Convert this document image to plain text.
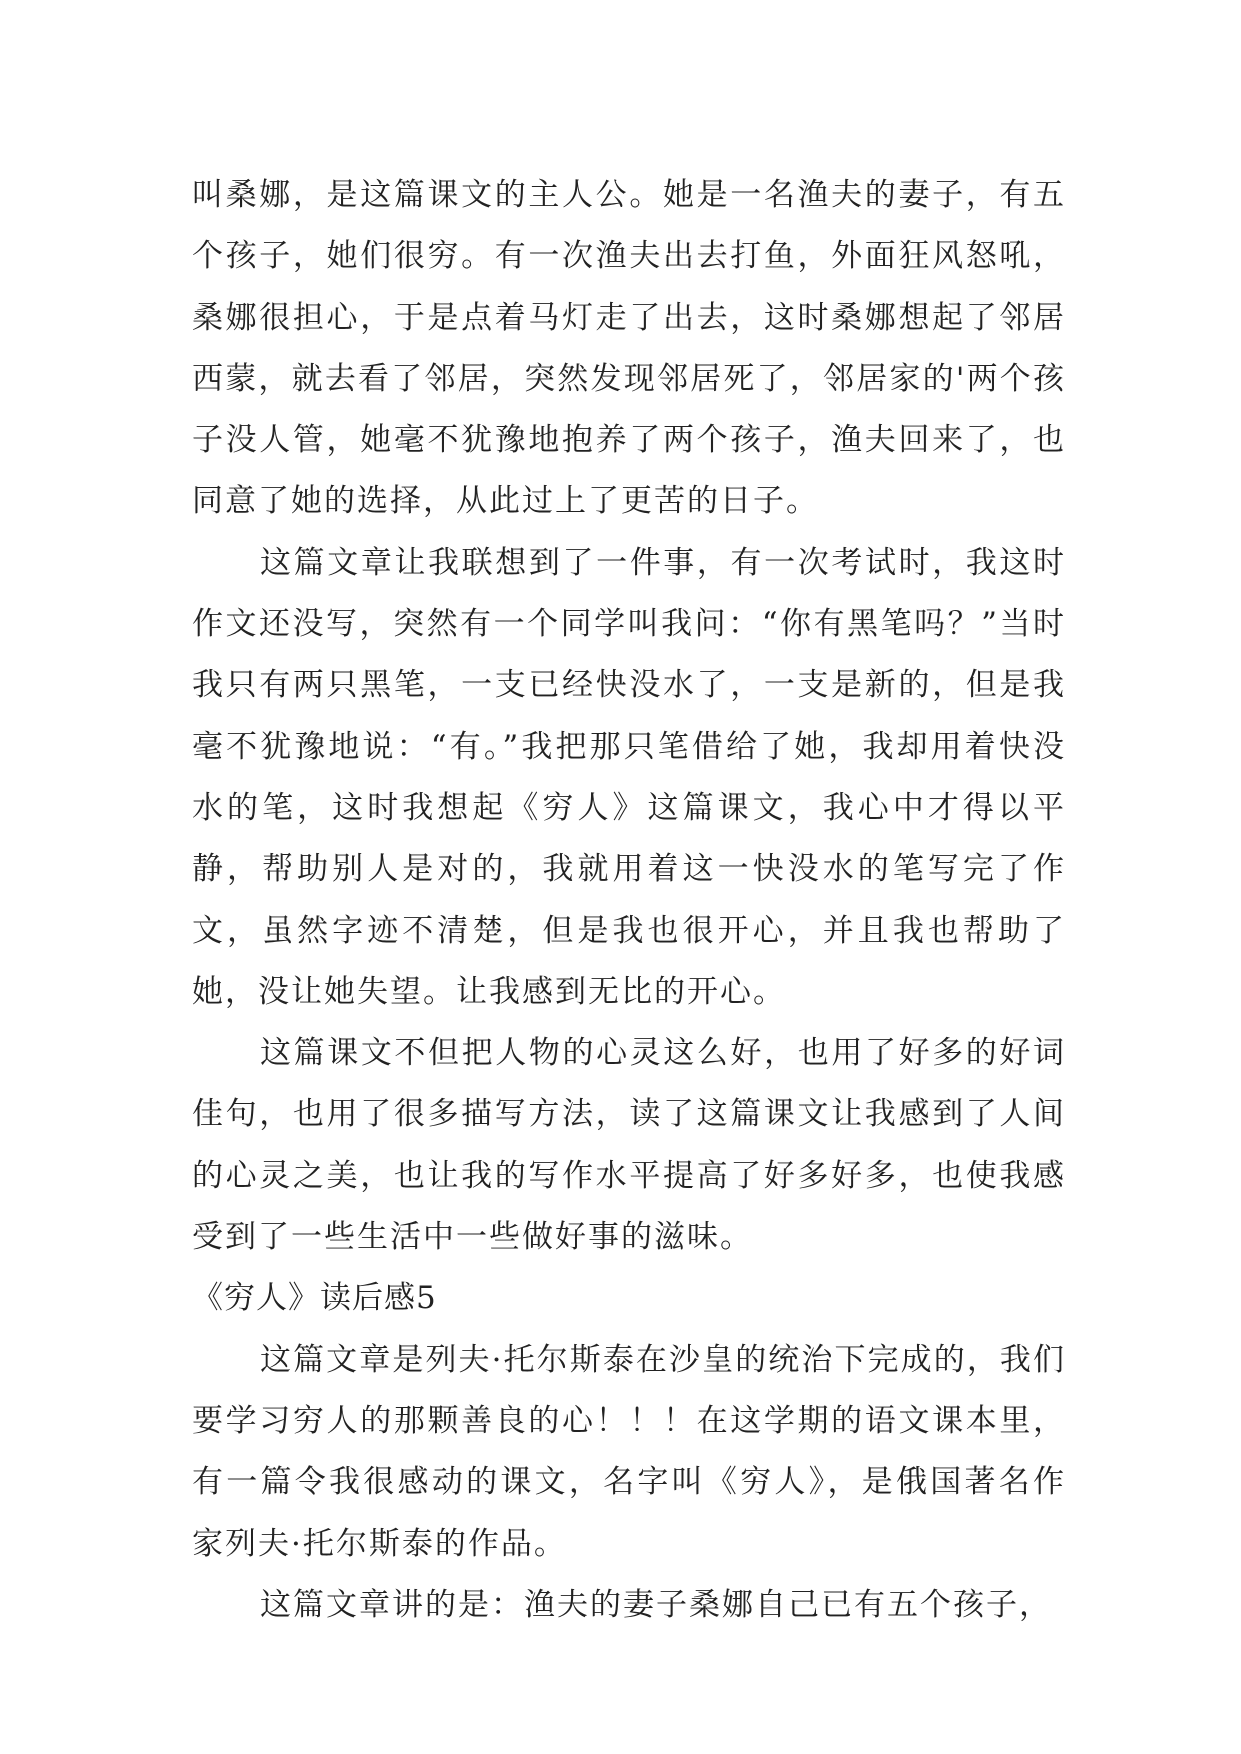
叫桑娜，是这篇课文的主人公。她是一名渔夫的妻子，有五个孩子，她们很穷。有一次渔夫出去打鱼，外面狂风怒吼，桑娜很担心，于是点着马灯走了出去，这时桑娜想起了邻居西蒙，就去看了邻居，突然发现邻居死了，邻居家的'两个孩子没人管，她毫不犹豫地抱养了两个孩子，渔夫回来了，也同意了她的选择，从此过上了更苦的日子。

这篇文章让我联想到了一件事，有一次考试时，我这时作文还没写，突然有一个同学叫我问：“你有黑笔吗？”当时我只有两只黑笔，一支已经快没水了，一支是新的，但是我毫不犹豫地说：“有。”我把那只笔借给了她，我却用着快没水的笔，这时我想起《穷人》这篇课文，我心中才得以平静，帮助别人是对的，我就用着这一快没水的笔写完了作文，虽然字迹不清楚，但是我也很开心，并且我也帮助了她，没让她失望。让我感到无比的开心。

这篇课文不但把人物的心灵这么好，也用了好多的好词佳句，也用了很多描写方法，读了这篇课文让我感到了人间的心灵之美，也让我的写作水平提高了好多好多，也使我感受到了一些生活中一些做好事的滋味。

《穷人》读后感5

这篇文章是列夫·托尔斯泰在沙皇的统治下完成的，我们要学习穷人的那颗善良的心！！！在这学期的语文课本里，有一篇令我很感动的课文，名字叫《穷人》，是俄国著名作家列夫·托尔斯泰的作品。

这篇文章讲的是：渔夫的妻子桑娜自己已有五个孩子，
